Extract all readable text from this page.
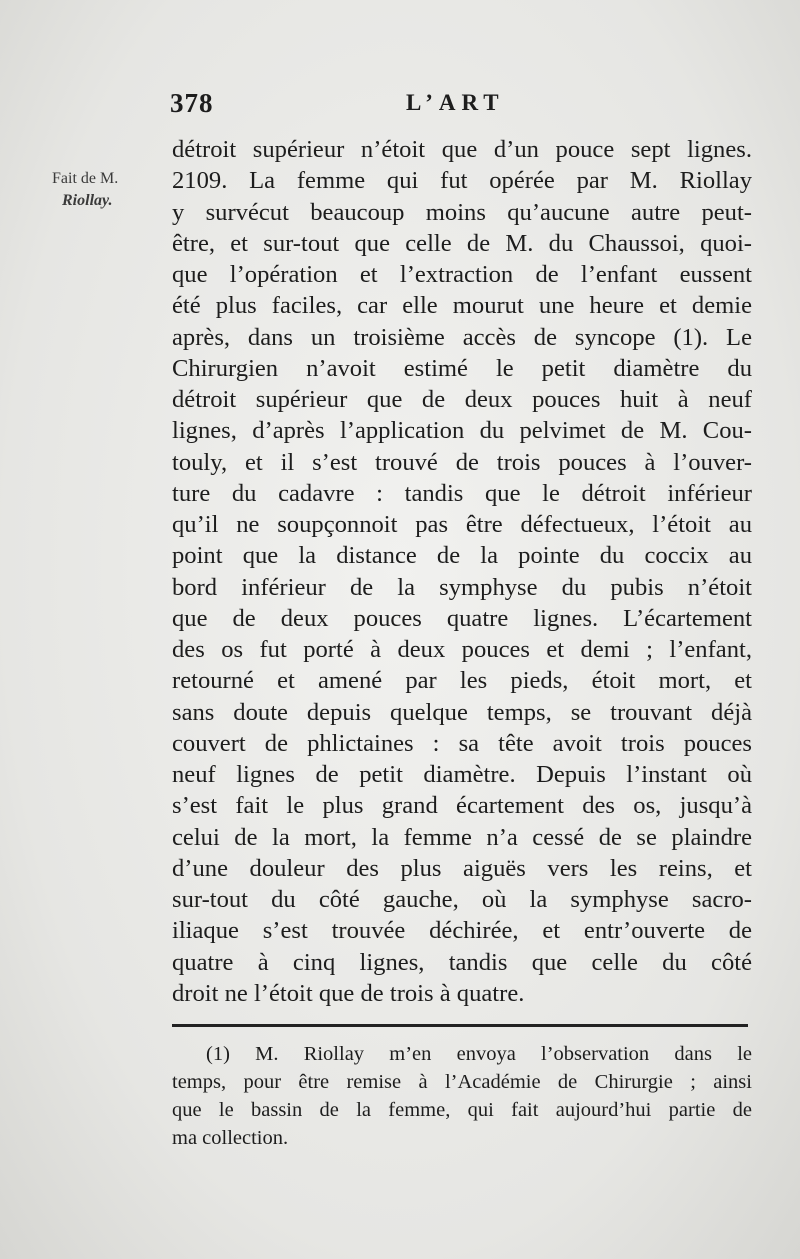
378	L’ART
Fait de M.
Riollay.
détroit supérieur n’étoit que d’un pouce sept lignes.
2109. La femme qui fut opérée par M. Riollay
y survécut beaucoup moins qu’aucune autre peut-
être, et sur-tout que celle de M. du Chaussoi, quoi-
que l’opération et l’extraction de l’enfant eussent
été plus faciles, car elle mourut une heure et demie
après, dans un troisième accès de syncope (1). Le
Chirurgien n’avoit estimé le petit diamètre du
détroit supérieur que de deux pouces huit à neuf
lignes, d’après l’application du pelvimet de M. Cou-
touly, et il s’est trouvé de trois pouces à l’ouver-
ture du cadavre : tandis que le détroit inférieur
qu’il ne soupçonnoit pas être défectueux, l’étoit au
point que la distance de la pointe du coccix au
bord inférieur de la symphyse du pubis n’étoit
que de deux pouces quatre lignes. L’écartement
des os fut porté à deux pouces et demi ; l’enfant,
retourné et amené par les pieds, étoit mort, et
sans doute depuis quelque temps, se trouvant déjà
couvert de phlictaines : sa tête avoit trois pouces
neuf lignes de petit diamètre. Depuis l’instant où
s’est fait le plus grand écartement des os, jusqu’à
celui de la mort, la femme n’a cessé de se plaindre
d’une douleur des plus aiguës vers les reins, et
sur-tout du côté gauche, où la symphyse sacro-
iliaque s’est trouvée déchirée, et entr’ouverte de
quatre à cinq lignes, tandis que celle du côté
droit ne l’étoit que de trois à quatre.
(1) M. Riollay m’en envoya l’observation dans le
temps, pour être remise à l’Académie de Chirurgie ; ainsi
que le bassin de la femme, qui fait aujourd’hui partie de
ma collection.
